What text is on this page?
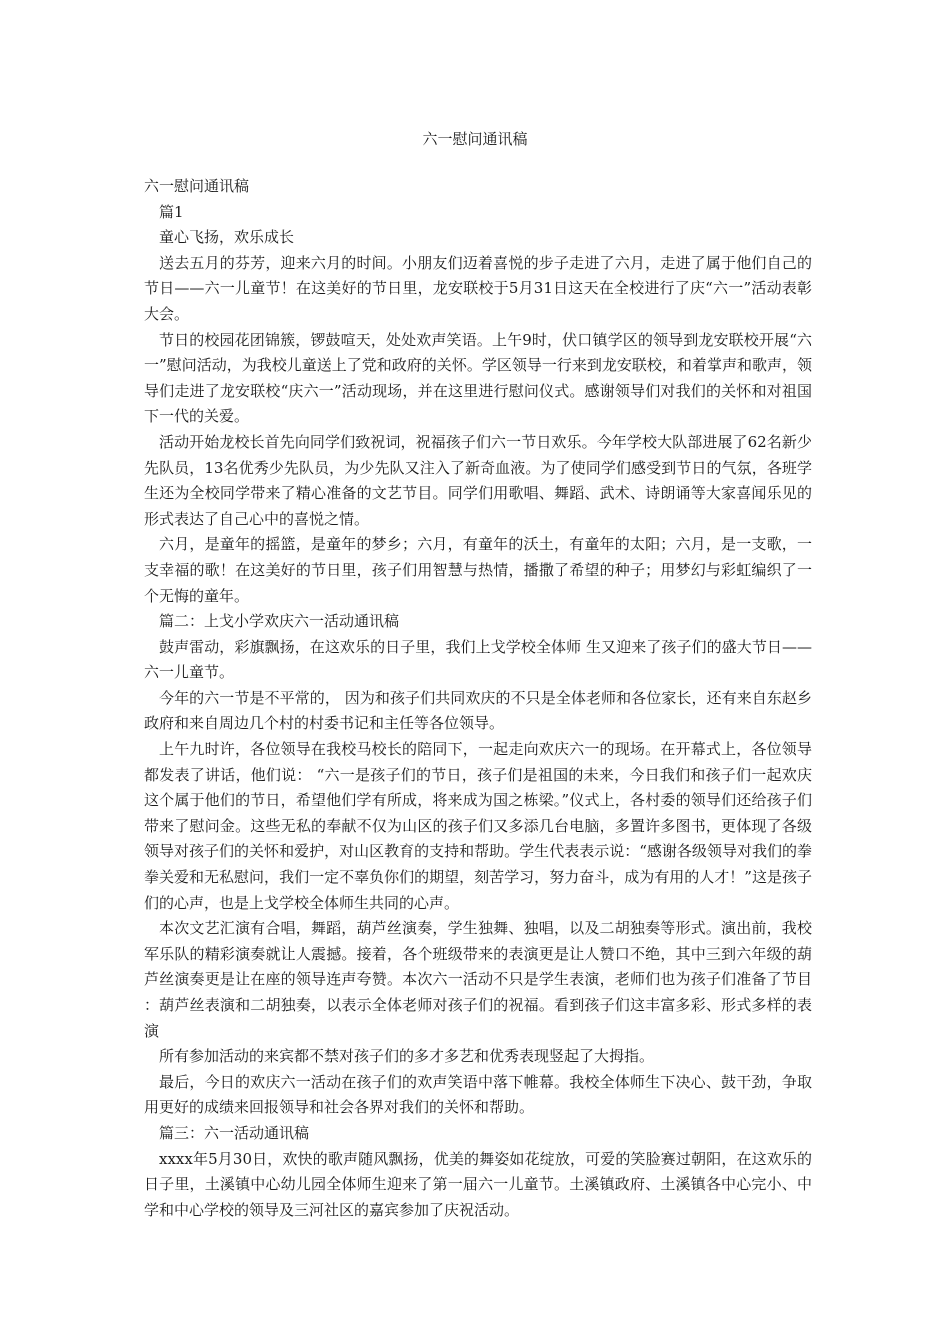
六一慰问通讯稿

六一慰问通讯稿

篇1

童心飞扬，欢乐成长

送去五月的芬芳，迎来六月的时间。小朋友们迈着喜悦的步子走进了六月，走进了属于他们自己的节日——六一儿童节！在这美好的节日里，龙安联校于5月31日这天在全校进行了庆“六一”活动表彰大会。

节日的校园花团锦簇，锣鼓喧天，处处欢声笑语。上午9时，伏口镇学区的领导到龙安联校开展“六一”慰问活动，为我校儿童送上了党和政府的关怀。学区领导一行来到龙安联校，和着掌声和歌声，领导们走进了龙安联校“庆六一”活动现场，并在这里进行慰问仪式。感谢领导们对我们的关怀和对祖国下一代的关爱。

活动开始龙校长首先向同学们致祝词，祝福孩子们六一节日欢乐。今年学校大队部进展了62名新少先队员，13名优秀少先队员，为少先队又注入了新奇血液。为了使同学们感受到节日的气氛，各班学生还为全校同学带来了精心准备的文艺节目。同学们用歌唱、舞蹈、武术、诗朗诵等大家喜闻乐见的形式表达了自己心中的喜悦之情。

六月，是童年的摇篮，是童年的梦乡；六月，有童年的沃土，有童年的太阳；六月，是一支歌，一支幸福的歌！在这美好的节日里，孩子们用智慧与热情，播撒了希望的种子；用梦幻与彩虹编织了一个无悔的童年。

篇二：上戈小学欢庆六一活动通讯稿

鼓声雷动，彩旗飘扬，在这欢乐的日子里，我们上戈学校全体师 生又迎来了孩子们的盛大节日——六一儿童节。

今年的六一节是不平常的， 因为和孩子们共同欢庆的不只是全体老师和各位家长，还有来自东赵乡政府和来自周边几个村的村委书记和主任等各位领导。

上午九时许，各位领导在我校马校长的陪同下，一起走向欢庆六一的现场。在开幕式上，各位领导都发表了讲话，他们说： “六一是孩子们的节日，孩子们是祖国的未来，今日我们和孩子们一起欢庆这个属于他们的节日，希望他们学有所成，将来成为国之栋梁。”仪式上，各村委的领导们还给孩子们带来了慰问金。这些无私的奉献不仅为山区的孩子们又多添几台电脑，多置许多图书，更体现了各级领导对孩子们的关怀和爱护，对山区教育的支持和帮助。学生代表表示说：“感谢各级领导对我们的拳拳关爱和无私慰问，我们一定不辜负你们的期望，刻苦学习，努力奋斗，成为有用的人才！”这是孩子们的心声，也是上戈学校全体师生共同的心声。

本次文艺汇演有合唱，舞蹈，葫芦丝演奏，学生独舞、独唱，以及二胡独奏等形式。演出前，我校军乐队的精彩演奏就让人震撼。接着，各个班级带来的表演更是让人赞口不绝，其中三到六年级的葫芦丝演奏更是让在座的领导连声夸赞。本次六一活动不只是学生表演，老师们也为孩子们准备了节目：葫芦丝表演和二胡独奏，以表示全体老师对孩子们的祝福。看到孩子们这丰富多彩、形式多样的表演

所有参加活动的来宾都不禁对孩子们的多才多艺和优秀表现竖起了大拇指。

最后，今日的欢庆六一活动在孩子们的欢声笑语中落下帷幕。我校全体师生下决心、鼓干劲，争取用更好的成绩来回报领导和社会各界对我们的关怀和帮助。

篇三：六一活动通讯稿

xxxx年5月30日，欢快的歌声随风飘扬，优美的舞姿如花绽放，可爱的笑脸赛过朝阳，在这欢乐的日子里，土溪镇中心幼儿园全体师生迎来了第一届六一儿童节。土溪镇政府、土溪镇各中心完小、中学和中心学校的领导及三河社区的嘉宾参加了庆祝活动。
